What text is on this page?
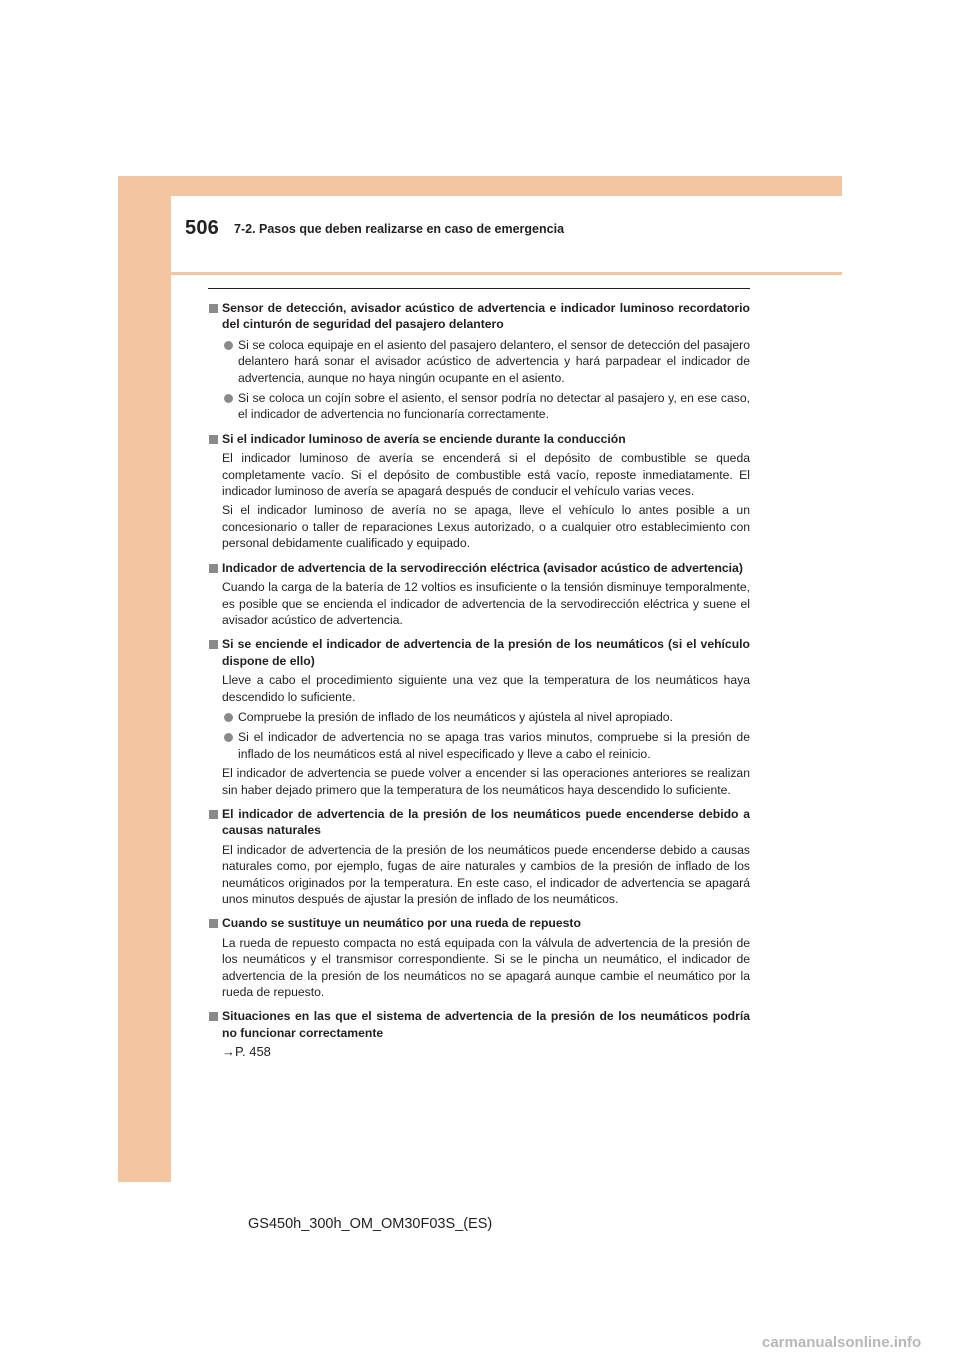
506 7-2. Pasos que deben realizarse en caso de emergencia
Sensor de detección, avisador acústico de advertencia e indicador luminoso recordatorio del cinturón de seguridad del pasajero delantero
Si se coloca equipaje en el asiento del pasajero delantero, el sensor de detección del pasajero delantero hará sonar el avisador acústico de advertencia y hará parpadear el indicador de advertencia, aunque no haya ningún ocupante en el asiento.
Si se coloca un cojín sobre el asiento, el sensor podría no detectar al pasajero y, en ese caso, el indicador de advertencia no funcionaría correctamente.
Si el indicador luminoso de avería se enciende durante la conducción
El indicador luminoso de avería se encenderá si el depósito de combustible se queda completamente vacío. Si el depósito de combustible está vacío, reposte inmediatamente. El indicador luminoso de avería se apagará después de conducir el vehículo varias veces.
Si el indicador luminoso de avería no se apaga, lleve el vehículo lo antes posible a un concesionario o taller de reparaciones Lexus autorizado, o a cualquier otro establecimiento con personal debidamente cualificado y equipado.
Indicador de advertencia de la servodirección eléctrica (avisador acústico de advertencia)
Cuando la carga de la batería de 12 voltios es insuficiente o la tensión disminuye temporalmente, es posible que se encienda el indicador de advertencia de la servodirección eléctrica y suene el avisador acústico de advertencia.
Si se enciende el indicador de advertencia de la presión de los neumáticos (si el vehículo dispone de ello)
Lleve a cabo el procedimiento siguiente una vez que la temperatura de los neumáticos haya descendido lo suficiente.
Compruebe la presión de inflado de los neumáticos y ajústela al nivel apropiado.
Si el indicador de advertencia no se apaga tras varios minutos, compruebe si la presión de inflado de los neumáticos está al nivel especificado y lleve a cabo el reinicio.
El indicador de advertencia se puede volver a encender si las operaciones anteriores se realizan sin haber dejado primero que la temperatura de los neumáticos haya descendido lo suficiente.
El indicador de advertencia de la presión de los neumáticos puede encenderse debido a causas naturales
El indicador de advertencia de la presión de los neumáticos puede encenderse debido a causas naturales como, por ejemplo, fugas de aire naturales y cambios de la presión de inflado de los neumáticos originados por la temperatura. En este caso, el indicador de advertencia se apagará unos minutos después de ajustar la presión de inflado de los neumáticos.
Cuando se sustituye un neumático por una rueda de repuesto
La rueda de repuesto compacta no está equipada con la válvula de advertencia de la presión de los neumáticos y el transmisor correspondiente. Si se le pincha un neumático, el indicador de advertencia de la presión de los neumáticos no se apagará aunque cambie el neumático por la rueda de repuesto.
Situaciones en las que el sistema de advertencia de la presión de los neumáticos podría no funcionar correctamente
→P. 458
GS450h_300h_OM_OM30F03S_(ES)
carmanualsonline.info
